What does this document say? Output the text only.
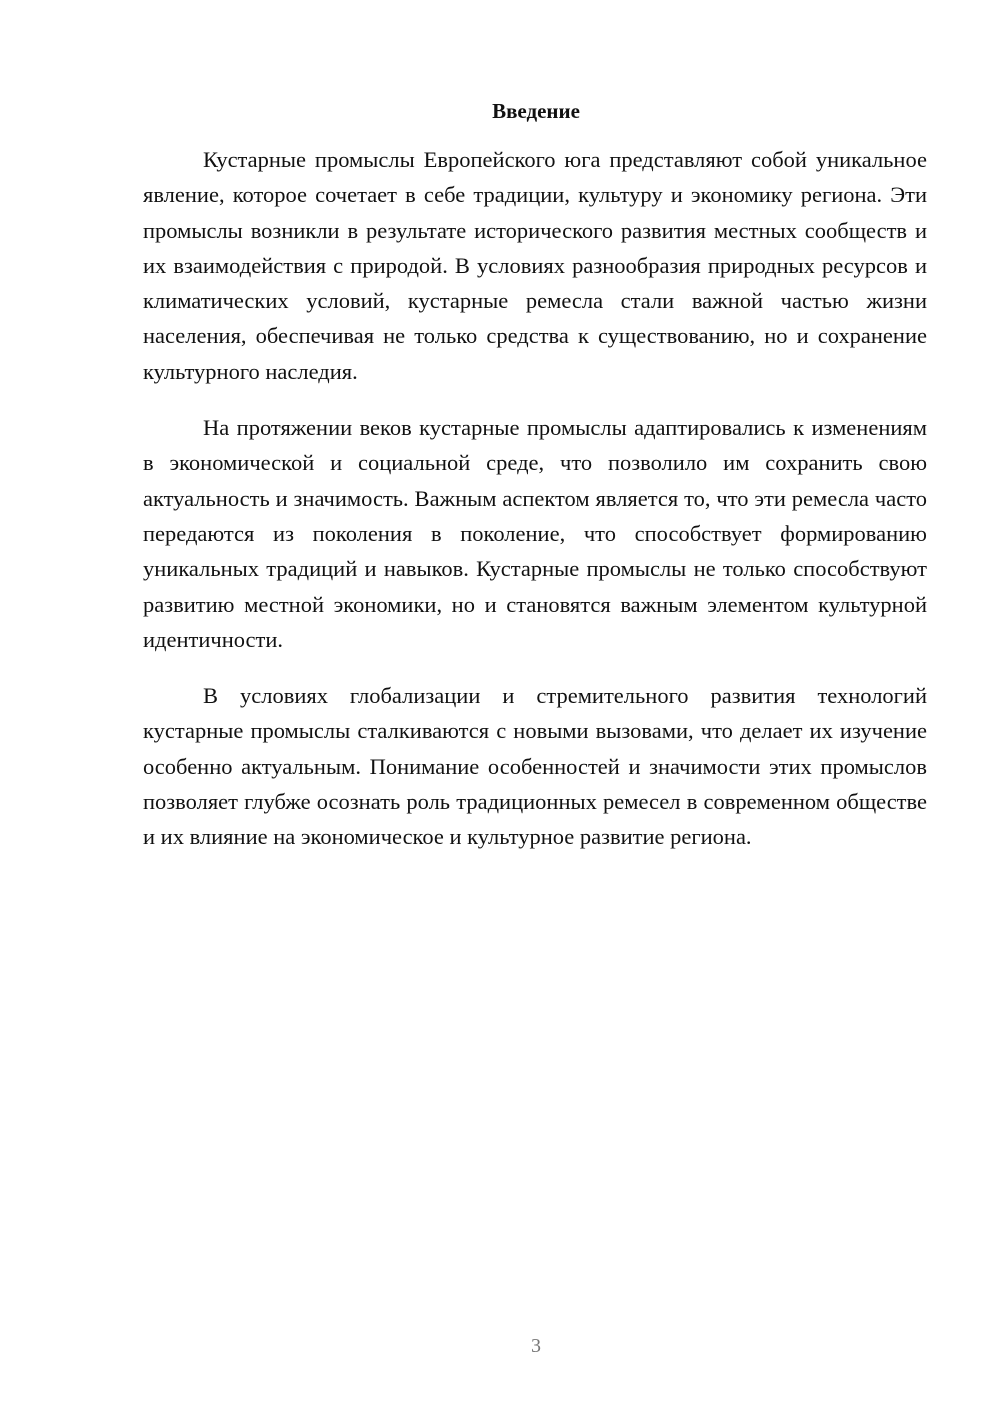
Введение

Кустарные промыслы Европейского юга представляют собой уникальное явление, которое сочетает в себе традиции, культуру и экономику региона. Эти промыслы возникли в результате исторического развития местных сообществ и их взаимодействия с природой. В условиях разнообразия природных ресурсов и климатических условий, кустарные ремесла стали важной частью жизни населения, обеспечивая не только средства к существованию, но и сохранение культурного наследия.

На протяжении веков кустарные промыслы адаптировались к изменениям в экономической и социальной среде, что позволило им сохранить свою актуальность и значимость. Важным аспектом является то, что эти ремесла часто передаются из поколения в поколение, что способствует формированию уникальных традиций и навыков. Кустарные промыслы не только способствуют развитию местной экономики, но и становятся важным элементом культурной идентичности.

В условиях глобализации и стремительного развития технологий кустарные промыслы сталкиваются с новыми вызовами, что делает их изучение особенно актуальным. Понимание особенностей и значимости этих промыслов позволяет глубже осознать роль традиционных ремесел в современном обществе и их влияние на экономическое и культурное развитие региона.

3
